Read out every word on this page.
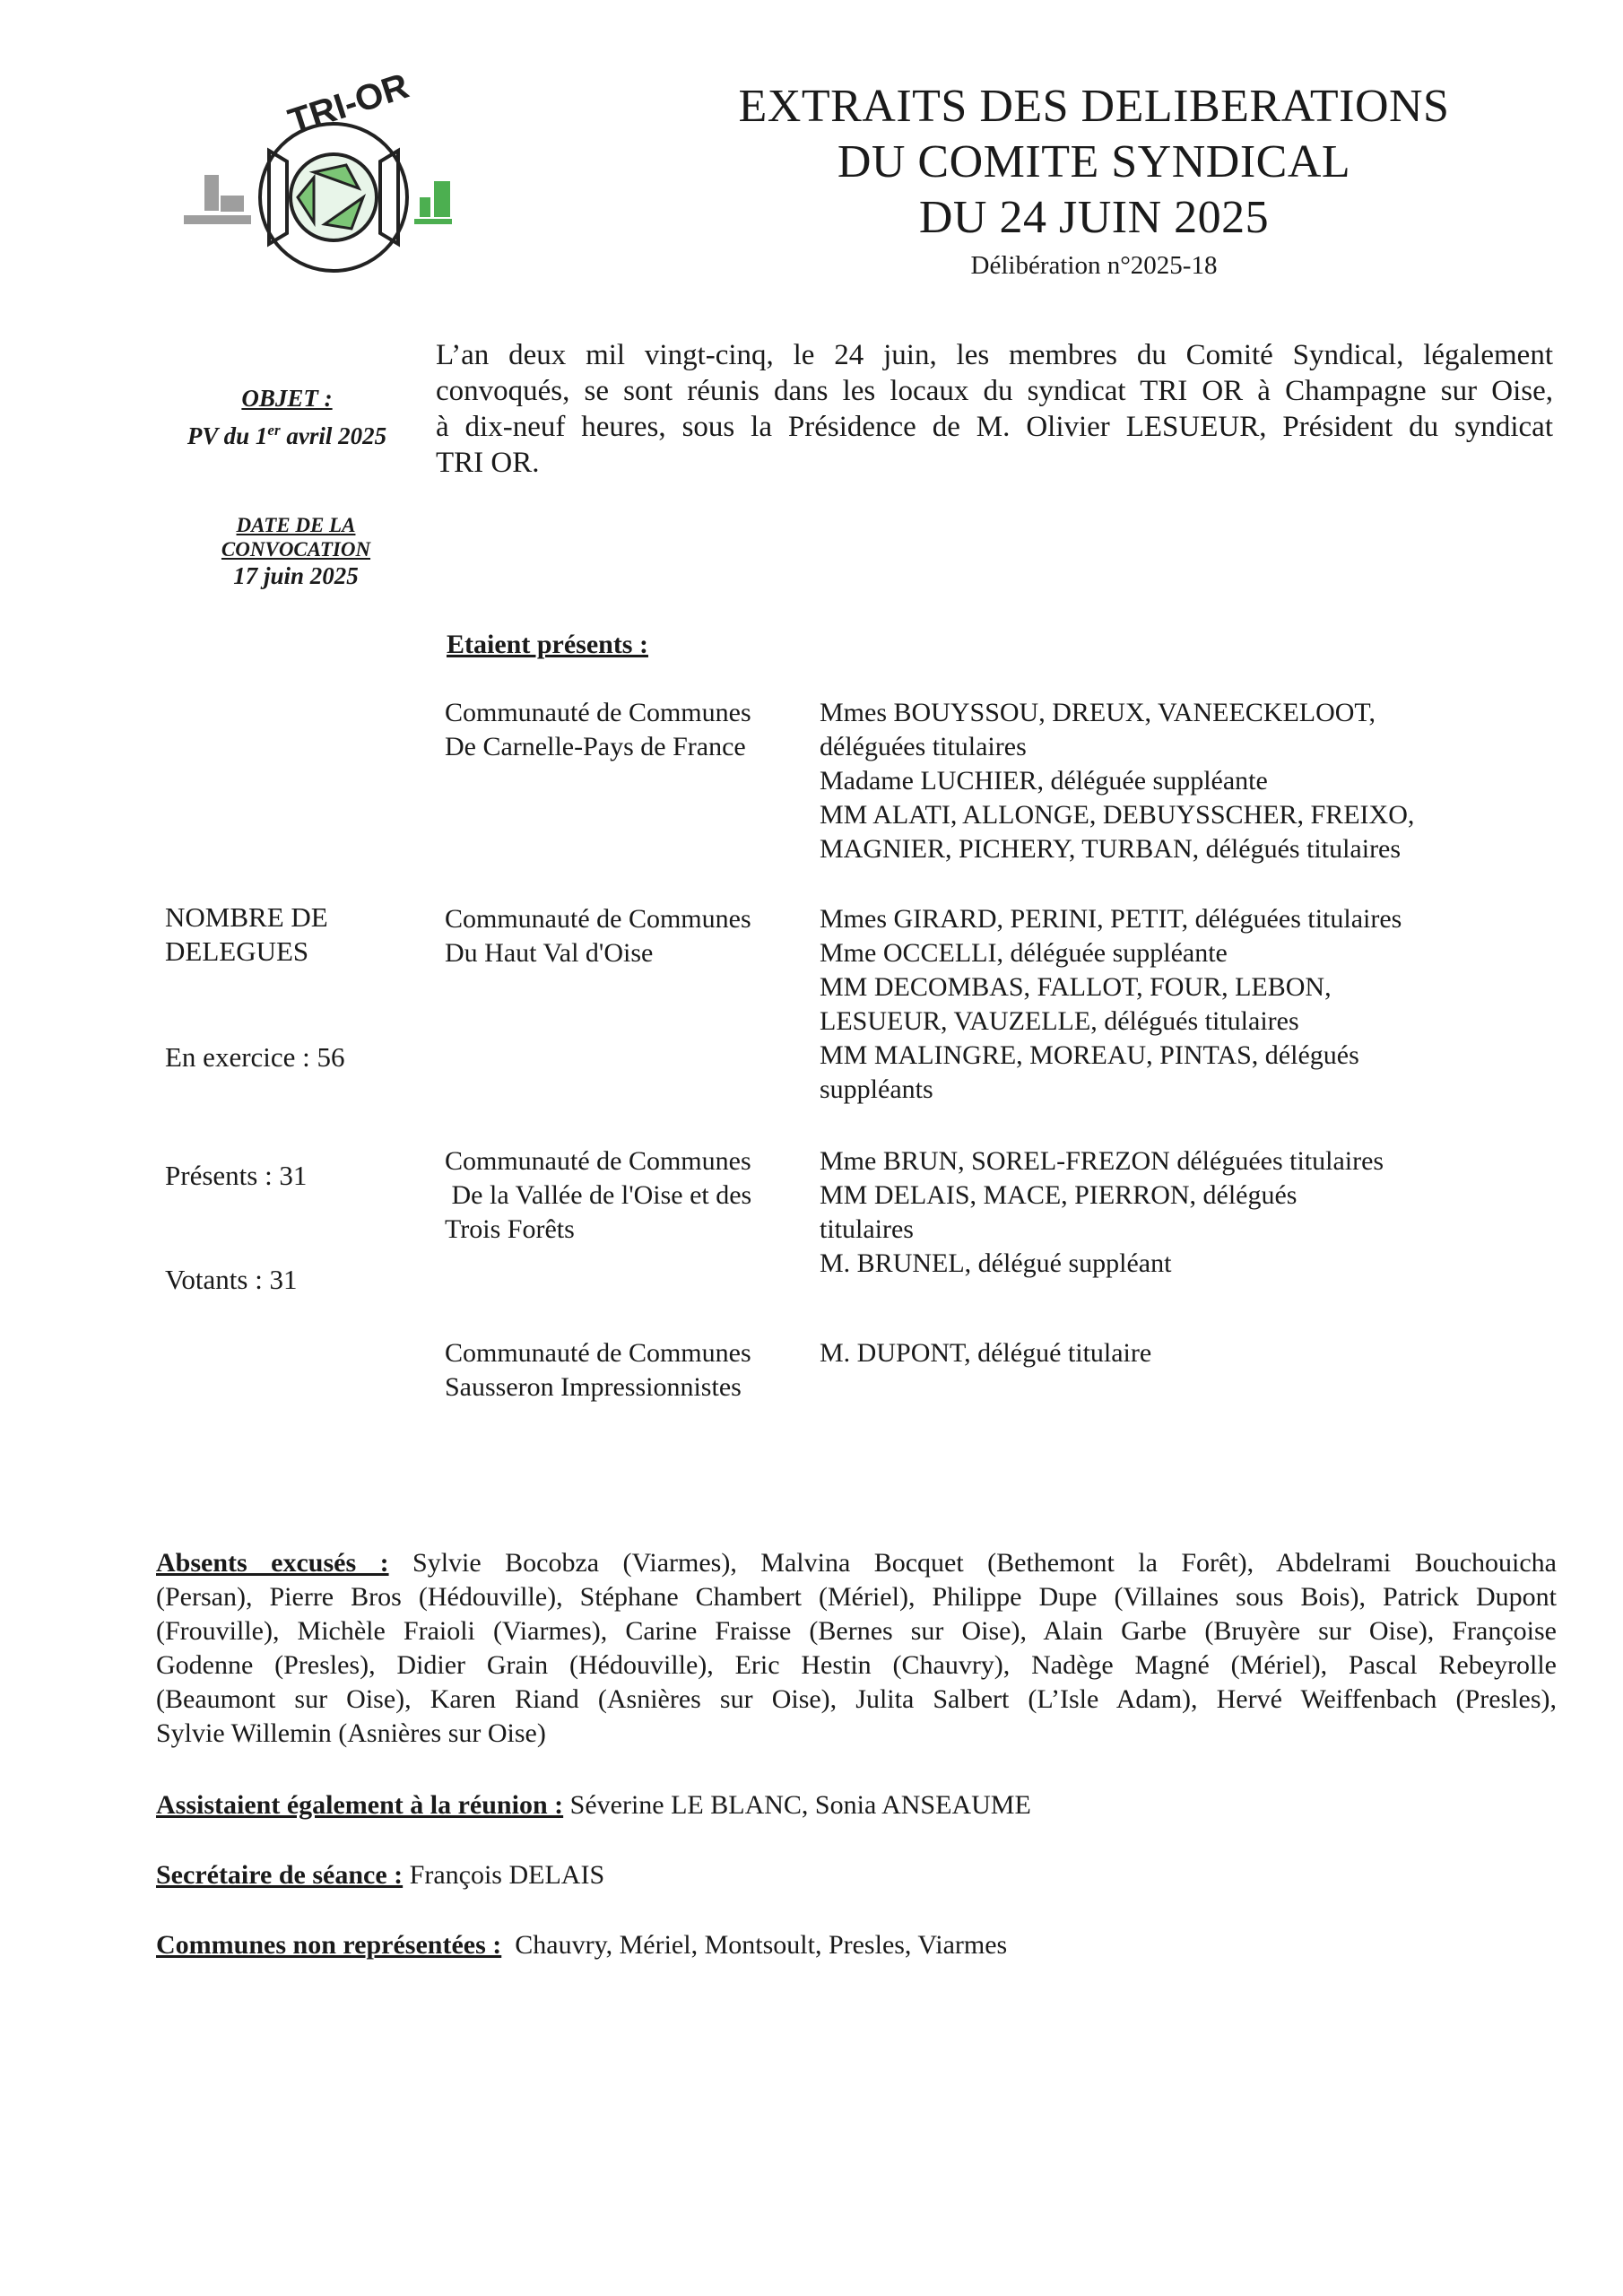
TRI-OR	EXTRAITS DES DELIBERATIONS
DU COMITE SYNDICAL
DU 24 JUIN 2025
Délibération n°2025-18
OBJET :
PV du 1er avril 2025
DATE DE LA
CONVOCATION
17 juin 2025
L’an deux mil vingt-cinq, le 24 juin, les membres du Comité Syndical, légalement
convoqués, se sont réunis dans les locaux du syndicat TRI OR à Champagne sur Oise,
à dix-neuf heures, sous la Présidence de M. Olivier LESUEUR, Président du syndicat
TRI OR.
Etaient présents :
NOMBRE DE
DELEGUES
En exercice : 56
Présents : 31
Votants : 31
Communauté de Communes
De Carnelle-Pays de France
Mmes BOUYSSOU, DREUX, VANEECKELOOT,
déléguées titulaires
Madame LUCHIER, déléguée suppléante
MM ALATI, ALLONGE, DEBUYSSCHER, FREIXO,
MAGNIER, PICHERY, TURBAN, délégués titulaires
Communauté de Communes
Du Haut Val d'Oise
Mmes GIRARD, PERINI, PETIT, déléguées titulaires
Mme OCCELLI, déléguée suppléante
MM DECOMBAS, FALLOT, FOUR, LEBON,
LESUEUR, VAUZELLE, délégués titulaires
MM MALINGRE, MOREAU, PINTAS, délégués
suppléants
Communauté de Communes
De la Vallée de l'Oise et des
Trois Forêts
Mme BRUN, SOREL-FREZON déléguées titulaires
MM DELAIS, MACE, PIERRON, délégués
titulaires
M. BRUNEL, délégué suppléant
Communauté de Communes
Sausseron Impressionnistes
M. DUPONT, délégué titulaire
Absents excusés : Sylvie Bocobza (Viarmes), Malvina Bocquet (Bethemont la Forêt), Abdelrami Bouchouicha
(Persan), Pierre Bros (Hédouville), Stéphane Chambert (Mériel), Philippe Dupe (Villaines sous Bois), Patrick Dupont
(Frouville), Michèle Fraioli (Viarmes), Carine Fraisse (Bernes sur Oise), Alain Garbe (Bruyère sur Oise), Françoise
Godenne (Presles), Didier Grain (Hédouville), Eric Hestin (Chauvry), Nadège Magné (Mériel), Pascal Rebeyrolle
(Beaumont sur Oise), Karen Riand (Asnières sur Oise), Julita Salbert (L’Isle Adam), Hervé Weiffenbach (Presles),
Sylvie Willemin (Asnières sur Oise)
Assistaient également à la réunion : Séverine LE BLANC, Sonia ANSEAUME
Secrétaire de séance : François DELAIS
Communes non représentées :  Chauvry, Mériel, Montsoult, Presles, Viarmes
